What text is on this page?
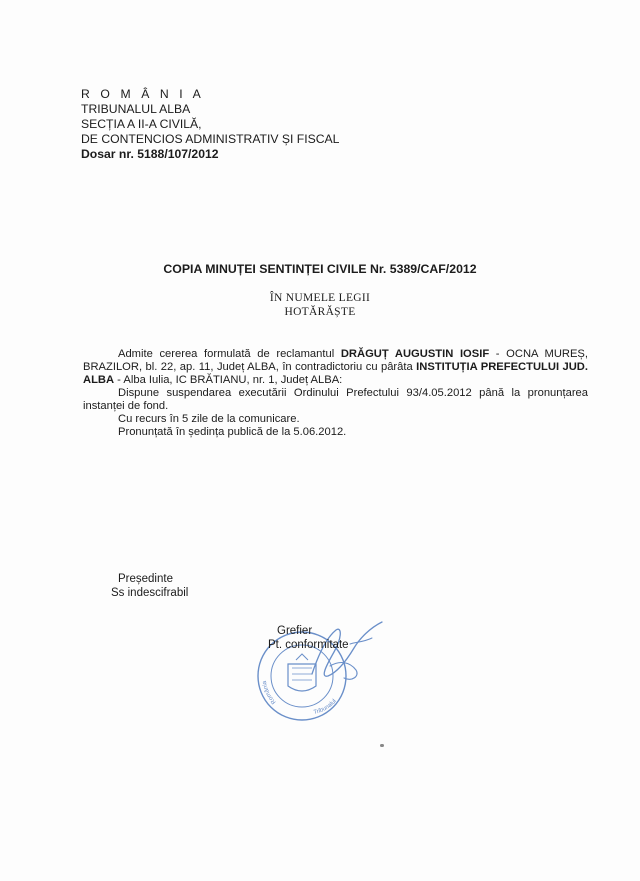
R O M Â N I A
TRIBUNALUL ALBA
SECȚIA A II-A CIVILĂ,
DE CONTENCIOS ADMINISTRATIV ȘI FISCAL
Dosar nr. 5188/107/2012
COPIA MINUȚEI SENTINȚEI CIVILE Nr. 5389/CAF/2012
ÎN NUMELE LEGII
HOTĂRĂȘTE

Admite cererea formulată de reclamantul DRĂGUȚ AUGUSTIN IOSIF - OCNA MUREȘ, BRAZILOR, bl. 22, ap. 11, Județ ALBA, în contradictoriu cu pârâta INSTITUȚIA PREFECTULUI JUD. ALBA - Alba Iulia, IC BRĂTIANU, nr. 1, Județ ALBA:

Dispune suspendarea executării Ordinului Prefectului 93/4.05.2012 până la pronunțarea instanței de fond.

Cu recurs în 5 zile de la comunicare.

Pronunțată în ședința publică de la 5.06.2012.

Președinte
Ss indescifrabil
România
Tribunalul
Grefier
Pt. conformitate
